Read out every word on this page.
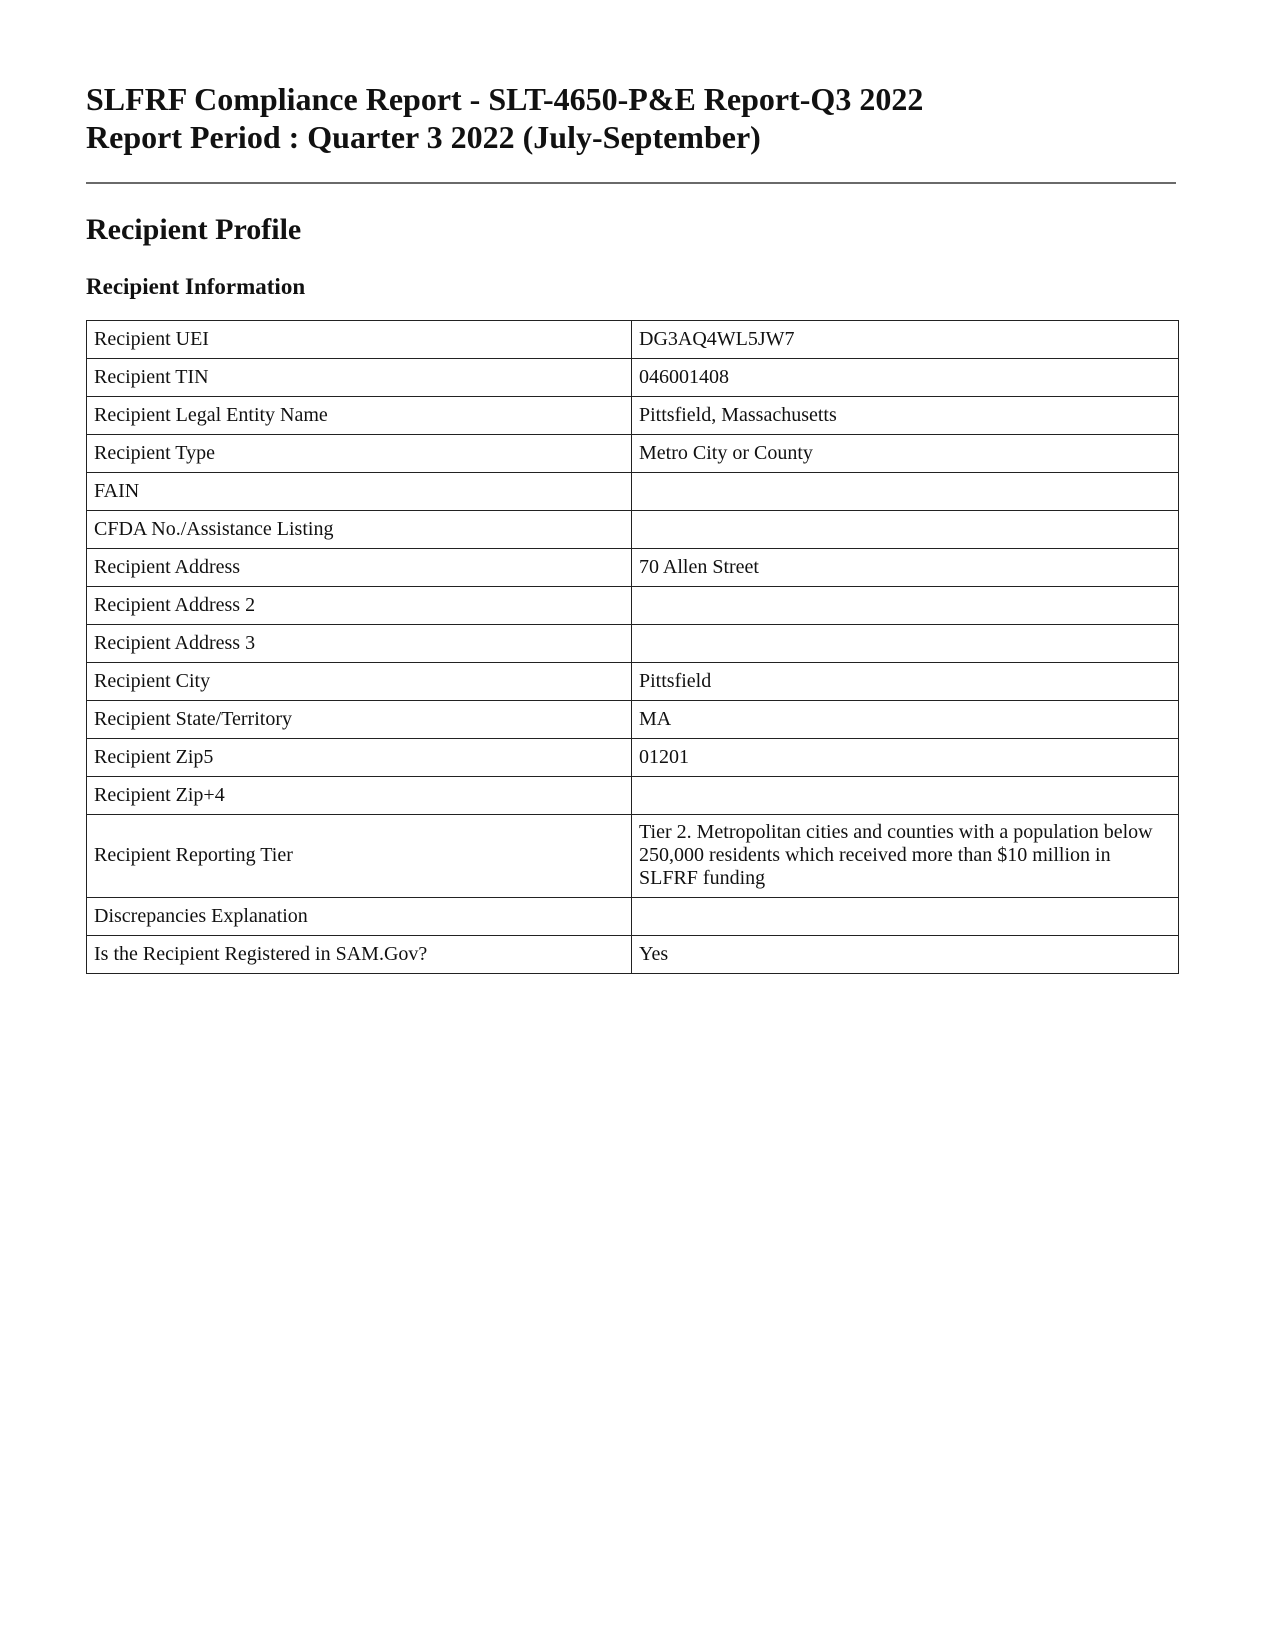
SLFRF Compliance Report - SLT-4650-P&E Report-Q3 2022
Report Period : Quarter 3 2022 (July-September)
Recipient Profile
Recipient Information
Recipient UEI	DG3AQ4WL5JW7
Recipient TIN	046001408
Recipient Legal Entity Name	Pittsfield, Massachusetts
Recipient Type	Metro City or County
FAIN	
CFDA No./Assistance Listing	
Recipient Address	70 Allen Street
Recipient Address 2	
Recipient Address 3	
Recipient City	Pittsfield
Recipient State/Territory	MA
Recipient Zip5	01201
Recipient Zip+4	
Recipient Reporting Tier	Tier 2. Metropolitan cities and counties with a population below 250,000 residents which received more than $10 million in SLFRF funding
Discrepancies Explanation	
Is the Recipient Registered in SAM.Gov?	Yes
